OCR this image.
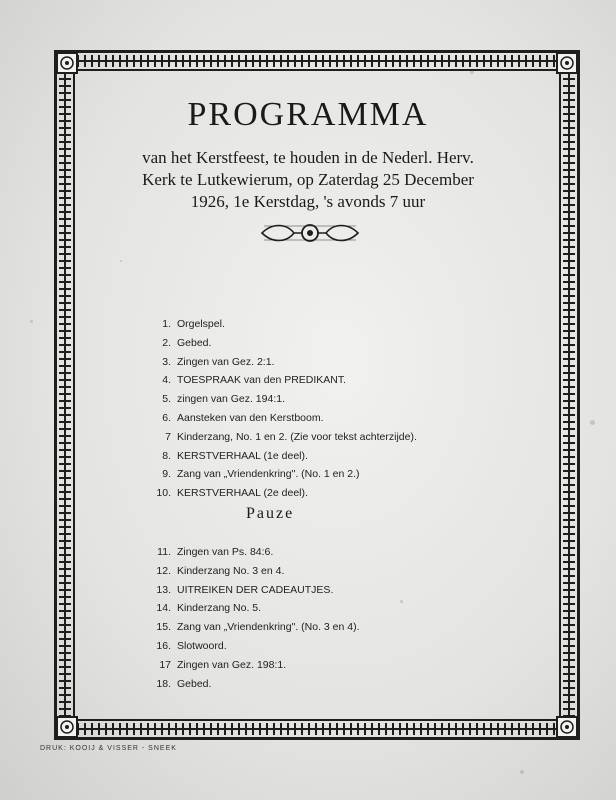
PROGRAMMA

van het Kerstfeest, te houden in de Nederl. Herv.
Kerk te Lutkewierum, op Zaterdag 25 December
1926, 1e Kerstdag, 's avonds 7 uur

1. Orgelspel.
2. Gebed.
3. Zingen van Gez. 2:1.
4. TOESPRAAK van den PREDIKANT.
5. zingen van Gez. 194:1.
6. Aansteken van den Kerstboom.
7 Kinderzang, No. 1 en 2. (Zie voor tekst achterzijde).
8. KERSTVERHAAL (1e deel).
9. Zang van „Vriendenkring". (No. 1 en 2.)
10. KERSTVERHAAL (2e deel).
Pauze
11. Zingen van Ps. 84:6.
12. Kinderzang No. 3 en 4.
13. UITREIKEN DER CADEAUTJES.
14. Kinderzang No. 5.
15. Zang van „Vriendenkring". (No. 3 en 4).
16. Slotwoord.
17 Zingen van Gez. 198:1.
18. Gebed.
DRUK: KOOIJ & VISSER - SNEEK
